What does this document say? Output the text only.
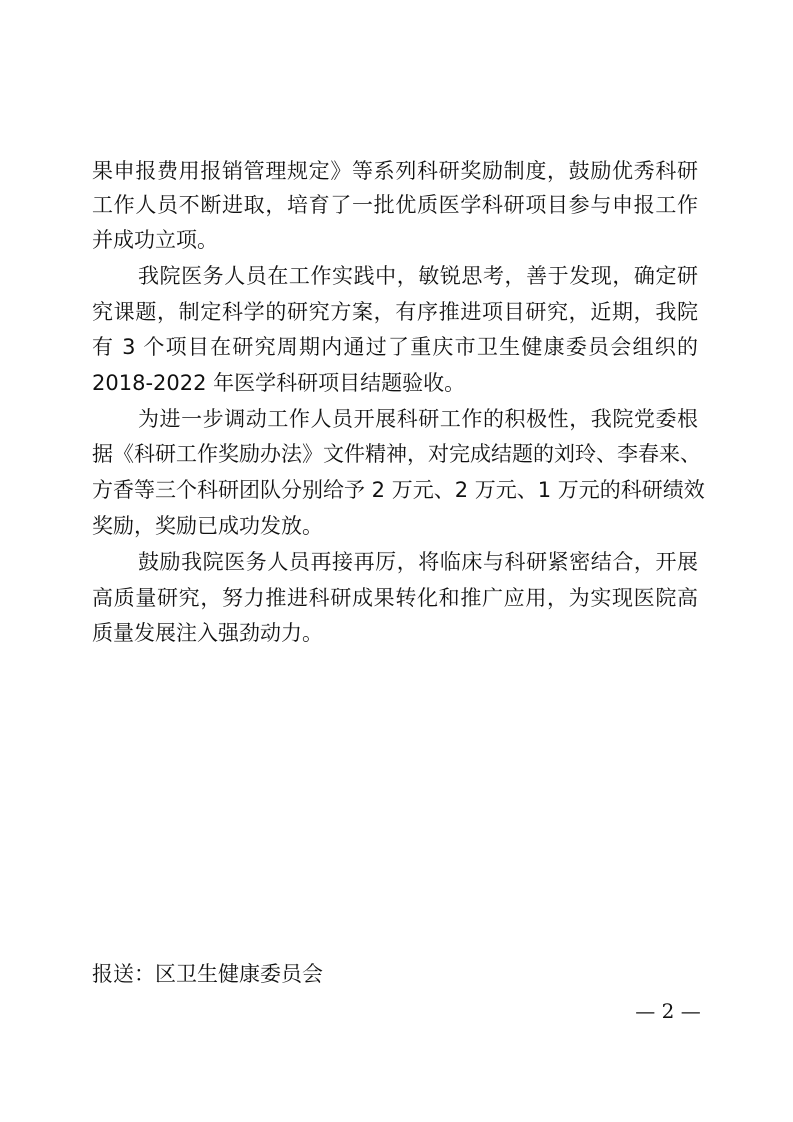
果申报费用报销管理规定》等系列科研奖励制度，鼓励优秀科研
工作人员不断进取，培育了一批优质医学科研项目参与申报工作
并成功立项。
我院医务人员在工作实践中，敏锐思考，善于发现，确定研
究课题，制定科学的研究方案，有序推进项目研究，近期，我院
有 3 个项目在研究周期内通过了重庆市卫生健康委员会组织的
2018-2022 年医学科研项目结题验收。
为进一步调动工作人员开展科研工作的积极性，我院党委根
据《科研工作奖励办法》文件精神，对完成结题的刘玲、李春来、
方香等三个科研团队分别给予 2 万元、2 万元、1 万元的科研绩效
奖励，奖励已成功发放。
鼓励我院医务人员再接再厉，将临床与科研紧密结合，开展
高质量研究，努力推进科研成果转化和推广应用，为实现医院高
质量发展注入强劲动力。
报送：区卫生健康委员会
— 2 —
